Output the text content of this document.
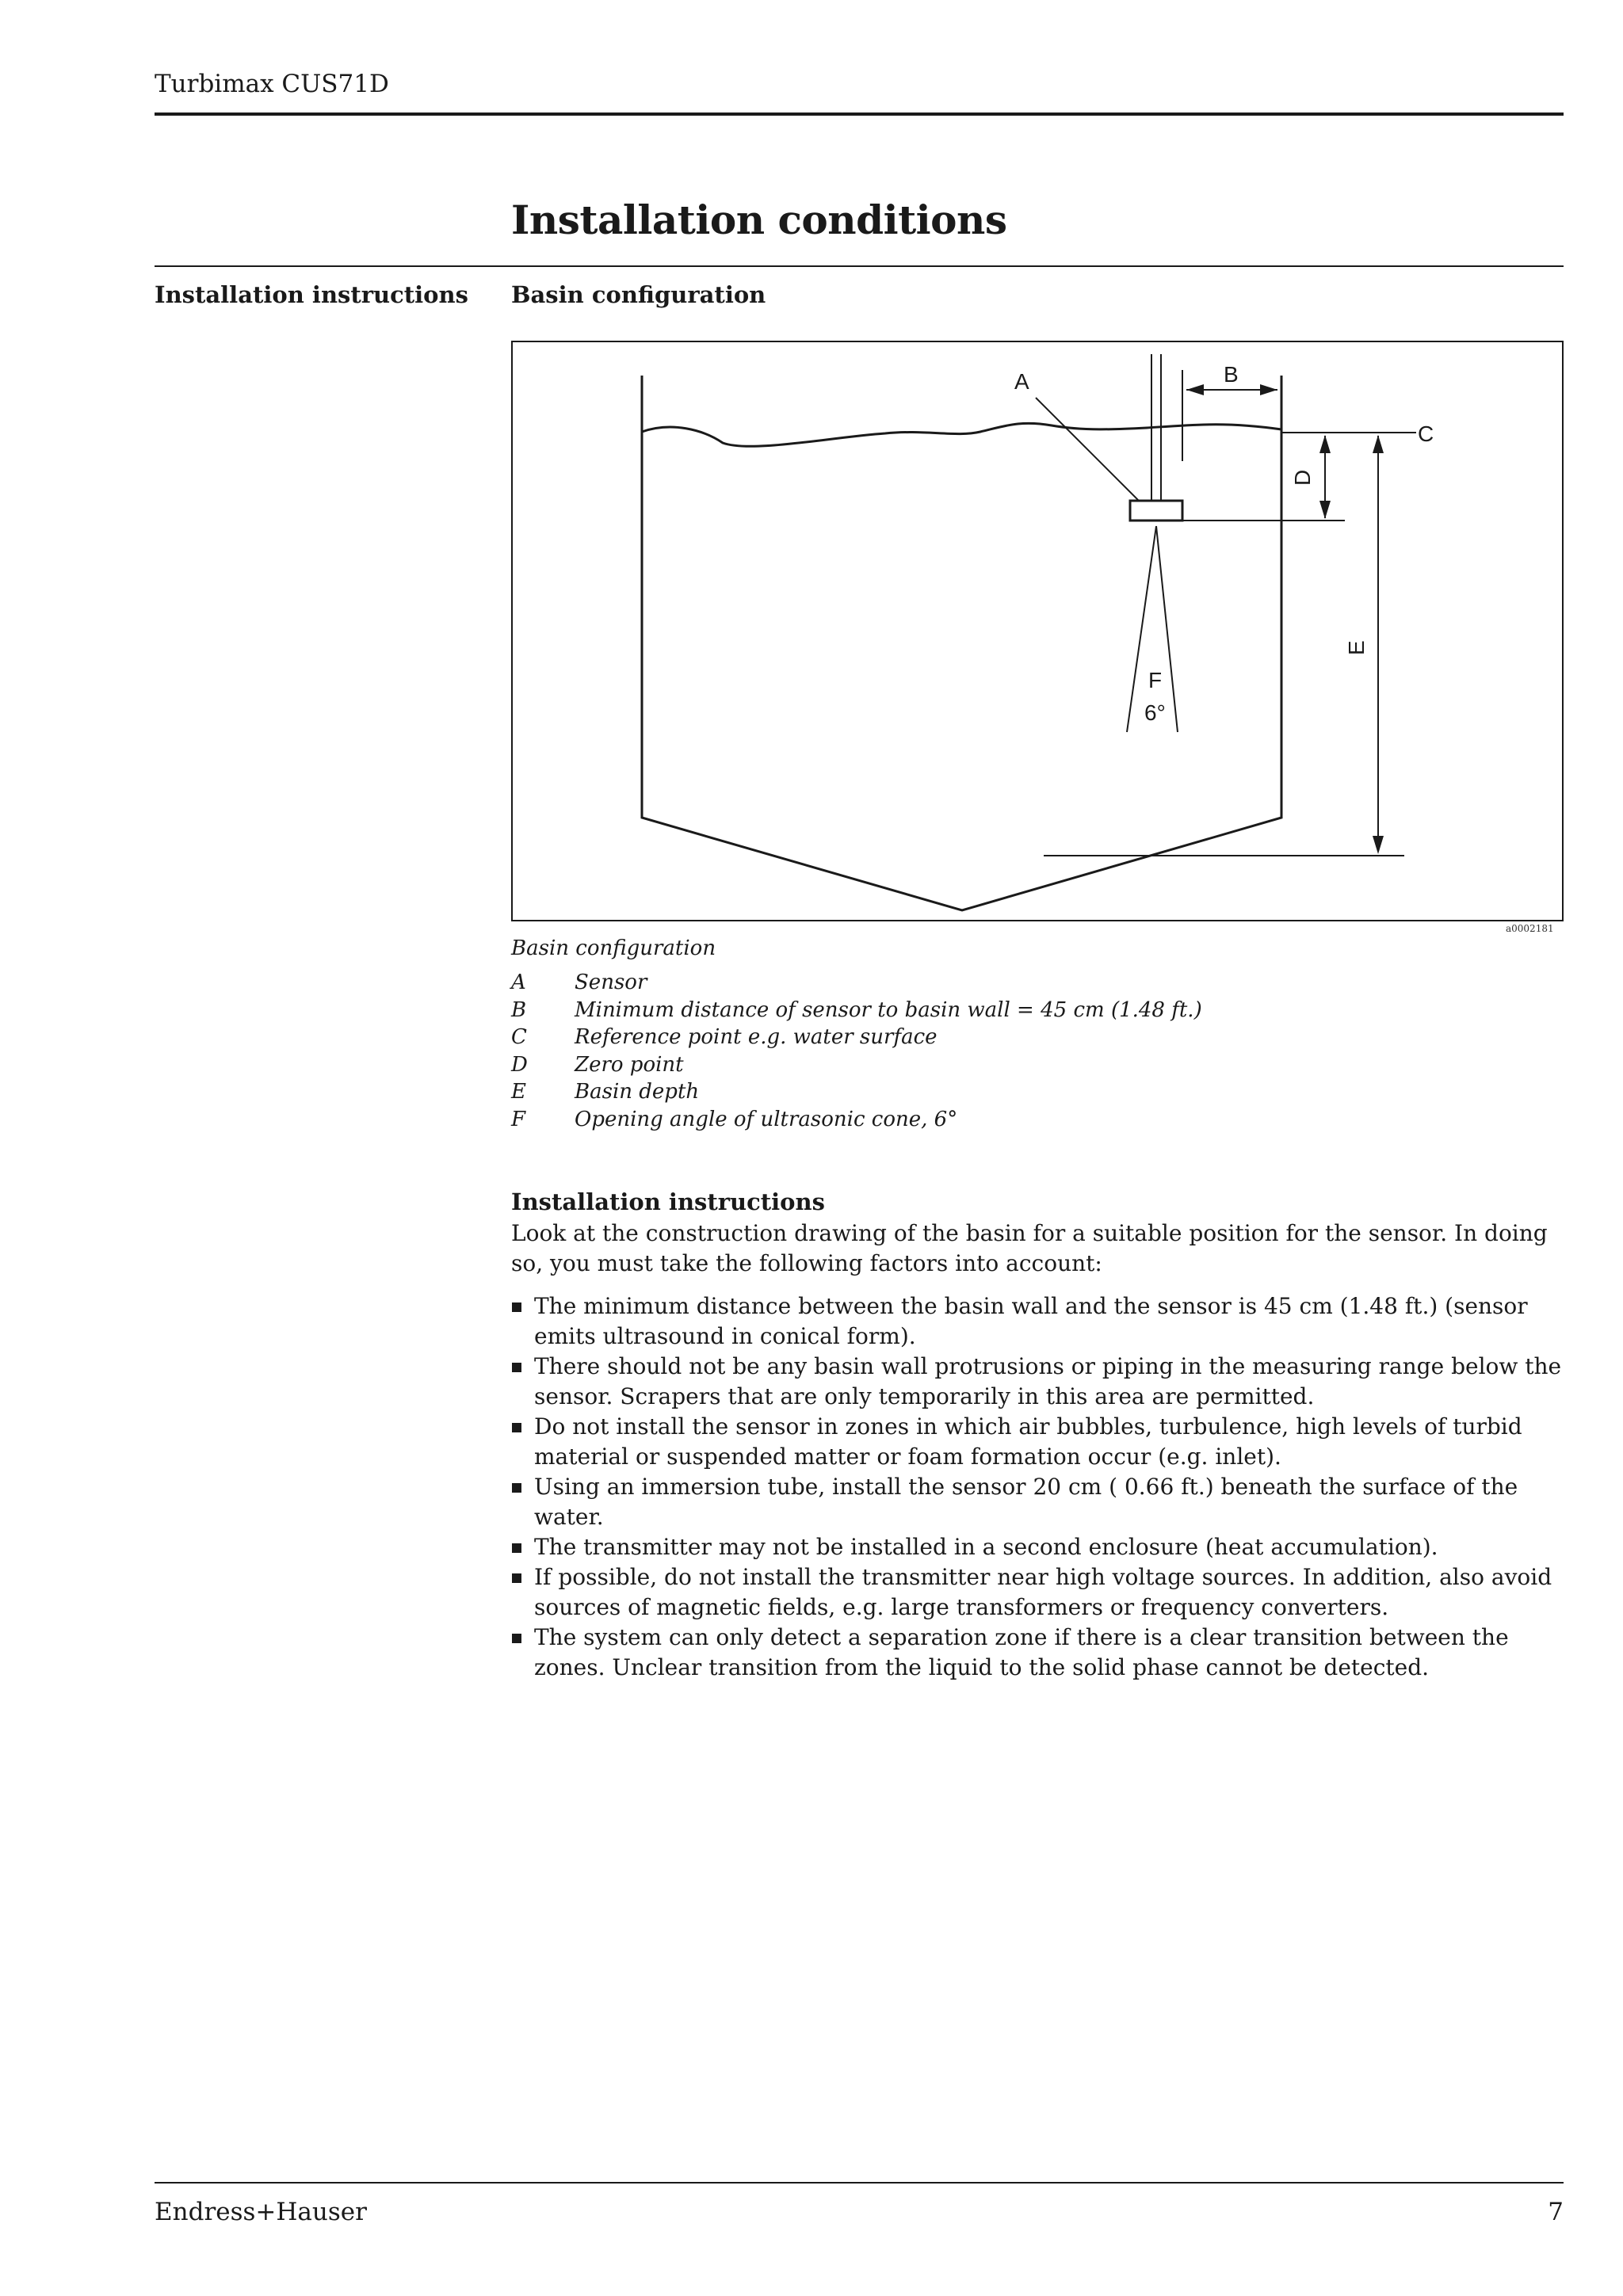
Turbimax CUS71D
Installation conditions
Installation instructions Basin configuration
A	B
C
D
E
F
6°
a0002181
Basin configuration
A Sensor
B Minimum distance of sensor to basin wall = 45 cm (1.48 ft.)
C Reference point e.g. water surface
D Zero point
E Basin depth
F Opening angle of ultrasonic cone, 6°
Installation instructions
Look at the construction drawing of the basin for a suitable position for the sensor. In doing so, you must take the following factors into account:
The minimum distance between the basin wall and the sensor is 45 cm (1.48 ft.) (sensor emits ultrasound in conical form).
There should not be any basin wall protrusions or piping in the measuring range below the sensor. Scrapers that are only temporarily in this area are permitted.
Do not install the sensor in zones in which air bubbles, turbulence, high levels of turbid material or suspended matter or foam formation occur (e.g. inlet).
Using an immersion tube, install the sensor 20 cm ( 0.66 ft.) beneath the surface of the water.
The transmitter may not be installed in a second enclosure (heat accumulation).
If possible, do not install the transmitter near high voltage sources. In addition, also avoid sources of magnetic fields, e.g. large transformers or frequency converters.
The system can only detect a separation zone if there is a clear transition between the zones. Unclear transition from the liquid to the solid phase cannot be detected.
Endress+Hauser	7
